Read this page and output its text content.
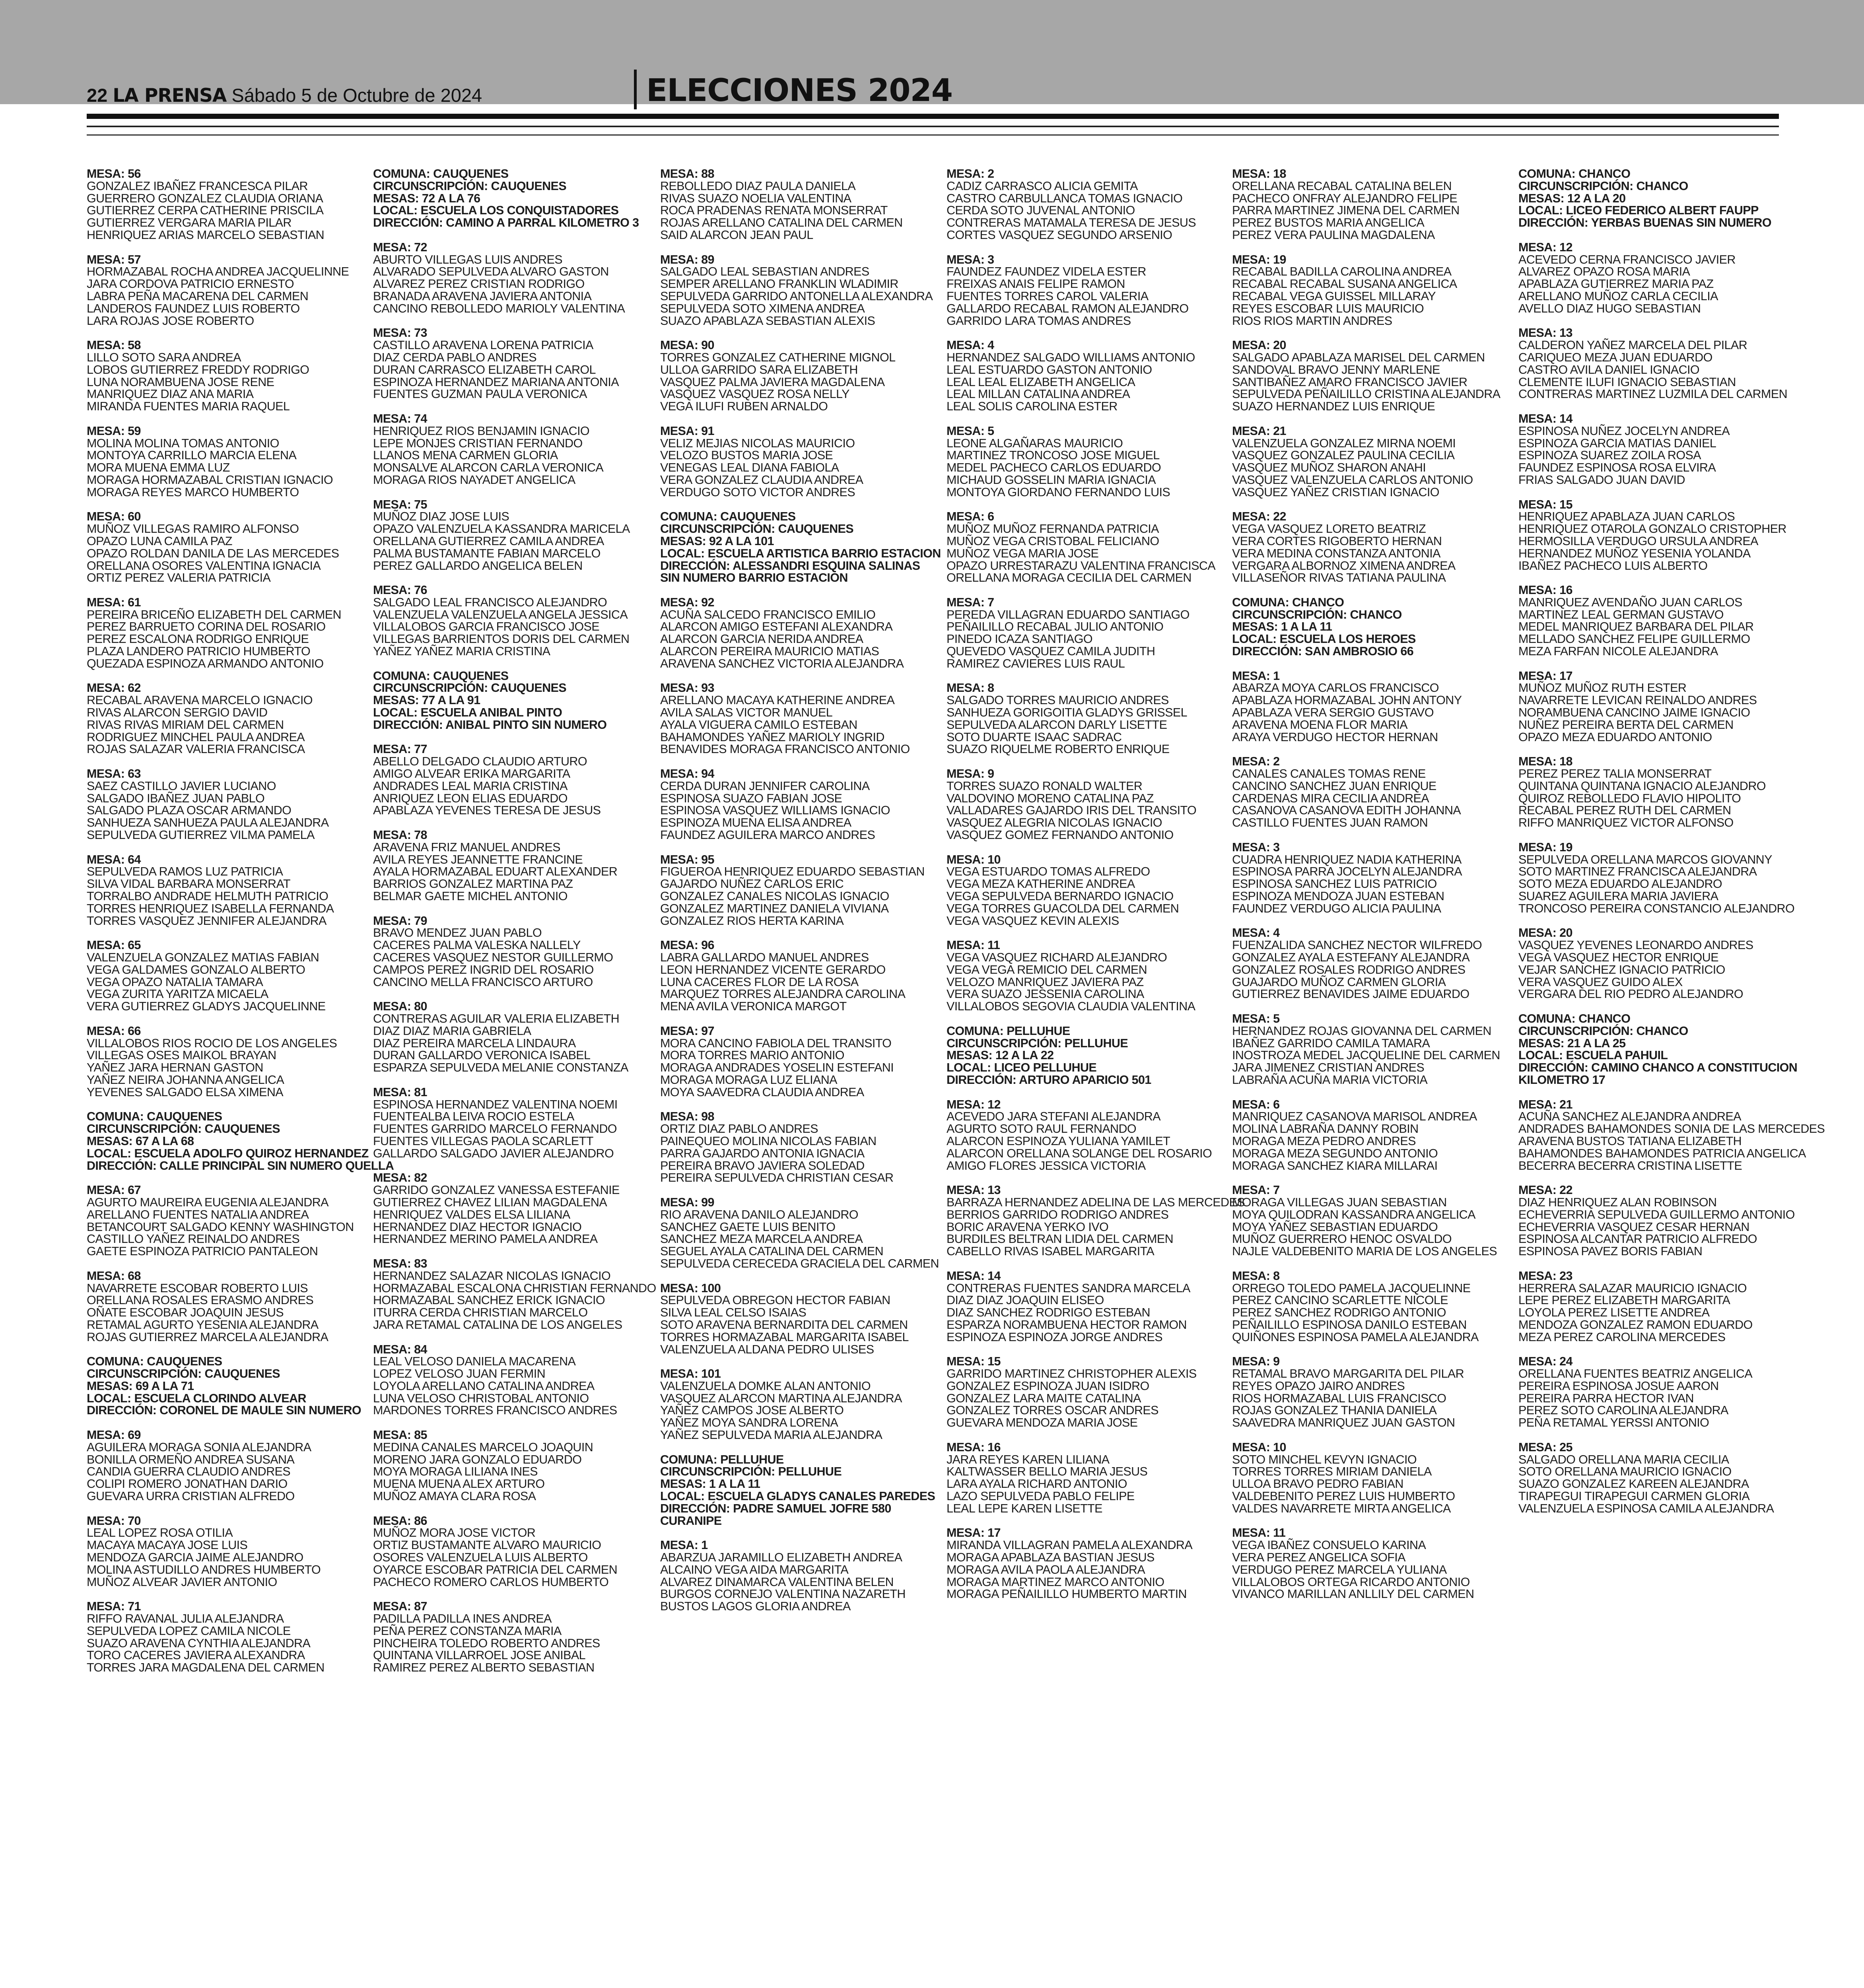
22 LA PRENSA Sábado 5 de Octubre de 2024	ELECCIONES 2024
MESA: 56
GONZALEZ IBAÑEZ FRANCESCA PILAR
GUERRERO GONZALEZ CLAUDIA ORIANA
GUTIERREZ CERPA CATHERINE PRISCILA
GUTIERREZ VERGARA MARIA PILAR
HENRIQUEZ ARIAS MARCELO SEBASTIAN
MESA: 57
HORMAZABAL ROCHA ANDREA JACQUELINNE
JARA CORDOVA PATRICIO ERNESTO
LABRA PEÑA MACARENA DEL CARMEN
LANDEROS FAUNDEZ LUIS ROBERTO
LARA ROJAS JOSE ROBERTO
MESA: 58
LILLO SOTO SARA ANDREA
LOBOS GUTIERREZ FREDDY RODRIGO
LUNA NORAMBUENA JOSE RENE
MANRIQUEZ DIAZ ANA MARIA
MIRANDA FUENTES MARIA RAQUEL
MESA: 59
MOLINA MOLINA TOMAS ANTONIO
MONTOYA CARRILLO MARCIA ELENA
MORA MUENA EMMA LUZ
MORAGA HORMAZABAL CRISTIAN IGNACIO
MORAGA REYES MARCO HUMBERTO
MESA: 60
MUÑOZ VILLEGAS RAMIRO ALFONSO
OPAZO LUNA CAMILA PAZ
OPAZO ROLDAN DANILA DE LAS MERCEDES
ORELLANA OSORES VALENTINA IGNACIA
ORTIZ PEREZ VALERIA PATRICIA
MESA: 61
PEREIRA BRICEÑO ELIZABETH DEL CARMEN
PEREZ BARRUETO CORINA DEL ROSARIO
PEREZ ESCALONA RODRIGO ENRIQUE
PLAZA LANDERO PATRICIO HUMBERTO
QUEZADA ESPINOZA ARMANDO ANTONIO
MESA: 62
RECABAL ARAVENA MARCELO IGNACIO
RIVAS ALARCON SERGIO DAVID
RIVAS RIVAS MIRIAM DEL CARMEN
RODRIGUEZ MINCHEL PAULA ANDREA
ROJAS SALAZAR VALERIA FRANCISCA
MESA: 63
SAEZ CASTILLO JAVIER LUCIANO
SALGADO IBAÑEZ JUAN PABLO
SALGADO PLAZA OSCAR ARMANDO
SANHUEZA SANHUEZA PAULA ALEJANDRA
SEPULVEDA GUTIERREZ VILMA PAMELA
MESA: 64
SEPULVEDA RAMOS LUZ PATRICIA
SILVA VIDAL BARBARA MONSERRAT
TORRALBO ANDRADE HELMUTH PATRICIO
TORRES HENRIQUEZ ISABELLA FERNANDA
TORRES VASQUEZ JENNIFER ALEJANDRA
MESA: 65
VALENZUELA GONZALEZ MATIAS FABIAN
VEGA GALDAMES GONZALO ALBERTO
VEGA OPAZO NATALIA TAMARA
VEGA ZURITA YARITZA MICAELA
VERA GUTIERREZ GLADYS JACQUELINNE
MESA: 66
VILLALOBOS RIOS ROCIO DE LOS ANGELES
VILLEGAS OSES MAIKOL BRAYAN
YAÑEZ JARA HERNAN GASTON
YAÑEZ NEIRA JOHANNA ANGELICA
YEVENES SALGADO ELSA XIMENA
COMUNA: CAUQUENES
CIRCUNSCRIPCIÓN: CAUQUENES
MESAS: 67 A LA 68
LOCAL: ESCUELA ADOLFO QUIROZ HERNANDEZ
DIRECCIÓN: CALLE PRINCIPAL SIN NUMERO QUELLA
MESA: 67
AGURTO MAUREIRA EUGENIA ALEJANDRA
ARELLANO FUENTES NATALIA ANDREA
BETANCOURT SALGADO KENNY WASHINGTON
CASTILLO YAÑEZ REINALDO ANDRES
GAETE ESPINOZA PATRICIO PANTALEON
MESA: 68
NAVARRETE ESCOBAR ROBERTO LUIS
ORELLANA ROSALES ERASMO ANDRES
OÑATE ESCOBAR JOAQUIN JESUS
RETAMAL AGURTO YESENIA ALEJANDRA
ROJAS GUTIERREZ MARCELA ALEJANDRA
COMUNA: CAUQUENES
CIRCUNSCRIPCIÓN: CAUQUENES
MESAS: 69 A LA 71
LOCAL: ESCUELA CLORINDO ALVEAR
DIRECCIÓN: CORONEL DE MAULE SIN NUMERO
MESA: 69
AGUILERA MORAGA SONIA ALEJANDRA
BONILLA ORMEÑO ANDREA SUSANA
CANDIA GUERRA CLAUDIO ANDRES
COLIPI ROMERO JONATHAN DARIO
GUEVARA URRA CRISTIAN ALFREDO
MESA: 70
LEAL LOPEZ ROSA OTILIA
MACAYA MACAYA JOSE LUIS
MENDOZA GARCIA JAIME ALEJANDRO
MOLINA ASTUDILLO ANDRES HUMBERTO
MUÑOZ ALVEAR JAVIER ANTONIO
MESA: 71
RIFFO RAVANAL JULIA ALEJANDRA
SEPULVEDA LOPEZ CAMILA NICOLE
SUAZO ARAVENA CYNTHIA ALEJANDRA
TORO CACERES JAVIERA ALEXANDRA
TORRES JARA MAGDALENA DEL CARMEN
COMUNA: CAUQUENES
CIRCUNSCRIPCIÓN: CAUQUENES
MESAS: 72 A LA 76
LOCAL: ESCUELA LOS CONQUISTADORES
DIRECCIÓN: CAMINO A PARRAL KILOMETRO 3
MESA: 72
ABURTO VILLEGAS LUIS ANDRES
ALVARADO SEPULVEDA ALVARO GASTON
ALVAREZ PEREZ CRISTIAN RODRIGO
BRANADA ARAVENA JAVIERA ANTONIA
CANCINO REBOLLEDO MARIOLY VALENTINA
MESA: 73
CASTILLO ARAVENA LORENA PATRICIA
DIAZ CERDA PABLO ANDRES
DURAN CARRASCO ELIZABETH CAROL
ESPINOZA HERNANDEZ MARIANA ANTONIA
FUENTES GUZMAN PAULA VERONICA
MESA: 74
HENRIQUEZ RIOS BENJAMIN IGNACIO
LEPE MONJES CRISTIAN FERNANDO
LLANOS MENA CARMEN GLORIA
MONSALVE ALARCON CARLA VERONICA
MORAGA RIOS NAYADET ANGELICA
MESA: 75
MUÑOZ DIAZ JOSE LUIS
OPAZO VALENZUELA KASSANDRA MARICELA
ORELLANA GUTIERREZ CAMILA ANDREA
PALMA BUSTAMANTE FABIAN MARCELO
PEREZ GALLARDO ANGELICA BELEN
MESA: 76
SALGADO LEAL FRANCISCO ALEJANDRO
VALENZUELA VALENZUELA ANGELA JESSICA
VILLALOBOS GARCIA FRANCISCO JOSE
VILLEGAS BARRIENTOS DORIS DEL CARMEN
YAÑEZ YAÑEZ MARIA CRISTINA
COMUNA: CAUQUENES
CIRCUNSCRIPCIÓN: CAUQUENES
MESAS: 77 A LA 91
LOCAL: ESCUELA ANIBAL PINTO
DIRECCIÓN: ANIBAL PINTO SIN NUMERO
MESA: 77
ABELLO DELGADO CLAUDIO ARTURO
AMIGO ALVEAR ERIKA MARGARITA
ANDRADES LEAL MARIA CRISTINA
ANRIQUEZ LEON ELIAS EDUARDO
APABLAZA YEVENES TERESA DE JESUS
MESA: 78
ARAVENA FRIZ MANUEL ANDRES
AVILA REYES JEANNETTE FRANCINE
AYALA HORMAZABAL EDUART ALEXANDER
BARRIOS GONZALEZ MARTINA PAZ
BELMAR GAETE MICHEL ANTONIO
MESA: 79
BRAVO MENDEZ JUAN PABLO
CACERES PALMA VALESKA NALLELY
CACERES VASQUEZ NESTOR GUILLERMO
CAMPOS PEREZ INGRID DEL ROSARIO
CANCINO MELLA FRANCISCO ARTURO
MESA: 80
CONTRERAS AGUILAR VALERIA ELIZABETH
DIAZ DIAZ MARIA GABRIELA
DIAZ PEREIRA MARCELA LINDAURA
DURAN GALLARDO VERONICA ISABEL
ESPARZA SEPULVEDA MELANIE CONSTANZA
MESA: 81
ESPINOSA HERNANDEZ VALENTINA NOEMI
FUENTEALBA LEIVA ROCIO ESTELA
FUENTES GARRIDO MARCELO FERNANDO
FUENTES VILLEGAS PAOLA SCARLETT
GALLARDO SALGADO JAVIER ALEJANDRO
MESA: 82
GARRIDO GONZALEZ VANESSA ESTEFANIE
GUTIERREZ CHAVEZ LILIAN MAGDALENA
HENRIQUEZ VALDES ELSA LILIANA
HERNANDEZ DIAZ HECTOR IGNACIO
HERNANDEZ MERINO PAMELA ANDREA
MESA: 83
HERNANDEZ SALAZAR NICOLAS IGNACIO
HORMAZABAL ESCALONA CHRISTIAN FERNANDO
HORMAZABAL SANCHEZ ERICK IGNACIO
ITURRA CERDA CHRISTIAN MARCELO
JARA RETAMAL CATALINA DE LOS ANGELES
MESA: 84
LEAL VELOSO DANIELA MACARENA
LOPEZ VELOSO JUAN FERMIN
LOYOLA ARELLANO CATALINA ANDREA
LUNA VELOSO CHRISTOBAL ANTONIO
MARDONES TORRES FRANCISCO ANDRES
MESA: 85
MEDINA CANALES MARCELO JOAQUIN
MORENO JARA GONZALO EDUARDO
MOYA MORAGA LILIANA INES
MUENA MUENA ALEX ARTURO
MUÑOZ AMAYA CLARA ROSA
MESA: 86
MUÑOZ MORA JOSE VICTOR
ORTIZ BUSTAMANTE ALVARO MAURICIO
OSORES VALENZUELA LUIS ALBERTO
OYARCE ESCOBAR PATRICIA DEL CARMEN
PACHECO ROMERO CARLOS HUMBERTO
MESA: 87
PADILLA PADILLA INES ANDREA
PEÑA PEREZ CONSTANZA MARIA
PINCHEIRA TOLEDO ROBERTO ANDRES
QUINTANA VILLARROEL JOSE ANIBAL
RAMIREZ PEREZ ALBERTO SEBASTIAN
MESA: 88
REBOLLEDO DIAZ PAULA DANIELA
RIVAS SUAZO NOELIA VALENTINA
ROCA PRADENAS RENATA MONSERRAT
ROJAS ARELLANO CATALINA DEL CARMEN
SAID ALARCON JEAN PAUL
MESA: 89
SALGADO LEAL SEBASTIAN ANDRES
SEMPER ARELLANO FRANKLIN WLADIMIR
SEPULVEDA GARRIDO ANTONELLA ALEXANDRA
SEPULVEDA SOTO XIMENA ANDREA
SUAZO APABLAZA SEBASTIAN ALEXIS
MESA: 90
TORRES GONZALEZ CATHERINE MIGNOL
ULLOA GARRIDO SARA ELIZABETH
VASQUEZ PALMA JAVIERA MAGDALENA
VASQUEZ VASQUEZ ROSA NELLY
VEGA ILUFI RUBEN ARNALDO
MESA: 91
VELIZ MEJIAS NICOLAS MAURICIO
VELOZO BUSTOS MARIA JOSE
VENEGAS LEAL DIANA FABIOLA
VERA GONZALEZ CLAUDIA ANDREA
VERDUGO SOTO VICTOR ANDRES
COMUNA: CAUQUENES
CIRCUNSCRIPCIÓN: CAUQUENES
MESAS: 92 A LA 101
LOCAL: ESCUELA ARTISTICA BARRIO ESTACION
DIRECCIÓN: ALESSANDRI ESQUINA SALINAS
SIN NUMERO BARRIO ESTACION
MESA: 92
ACUÑA SALCEDO FRANCISCO EMILIO
ALARCON AMIGO ESTEFANI ALEXANDRA
ALARCON GARCIA NERIDA ANDREA
ALARCON PEREIRA MAURICIO MATIAS
ARAVENA SANCHEZ VICTORIA ALEJANDRA
MESA: 93
ARELLANO MACAYA KATHERINE ANDREA
AVILA SALAS VICTOR MANUEL
AYALA VIGUERA CAMILO ESTEBAN
BAHAMONDES YAÑEZ MARIOLY INGRID
BENAVIDES MORAGA FRANCISCO ANTONIO
MESA: 94
CERDA DURAN JENNIFER CAROLINA
ESPINOSA SUAZO FABIAN JOSE
ESPINOSA VASQUEZ WILLIAMS IGNACIO
ESPINOZA MUENA ELISA ANDREA
FAUNDEZ AGUILERA MARCO ANDRES
MESA: 95
FIGUEROA HENRIQUEZ EDUARDO SEBASTIAN
GAJARDO NUÑEZ CARLOS ERIC
GONZALEZ CANALES NICOLAS IGNACIO
GONZALEZ MARTINEZ DANIELA VIVIANA
GONZALEZ RIOS HERTA KARINA
MESA: 96
LABRA GALLARDO MANUEL ANDRES
LEON HERNANDEZ VICENTE GERARDO
LUNA CACERES FLOR DE LA ROSA
MARQUEZ TORRES ALEJANDRA CAROLINA
MENA AVILA VERONICA MARGOT
MESA: 97
MORA CANCINO FABIOLA DEL TRANSITO
MORA TORRES MARIO ANTONIO
MORAGA ANDRADES YOSELIN ESTEFANI
MORAGA MORAGA LUZ ELIANA
MOYA SAAVEDRA CLAUDIA ANDREA
MESA: 98
ORTIZ DIAZ PABLO ANDRES
PAINEQUEO MOLINA NICOLAS FABIAN
PARRA GAJARDO ANTONIA IGNACIA
PEREIRA BRAVO JAVIERA SOLEDAD
PEREIRA SEPULVEDA CHRISTIAN CESAR
MESA: 99
RIO ARAVENA DANILO ALEJANDRO
SANCHEZ GAETE LUIS BENITO
SANCHEZ MEZA MARCELA ANDREA
SEGUEL AYALA CATALINA DEL CARMEN
SEPULVEDA CERECEDA GRACIELA DEL CARMEN
MESA: 100
SEPULVEDA OBREGON HECTOR FABIAN
SILVA LEAL CELSO ISAIAS
SOTO ARAVENA BERNARDITA DEL CARMEN
TORRES HORMAZABAL MARGARITA ISABEL
VALENZUELA ALDANA PEDRO ULISES
MESA: 101
VALENZUELA DOMKE ALAN ANTONIO
VASQUEZ ALARCON MARTINA ALEJANDRA
YAÑEZ CAMPOS JOSE ALBERTO
YAÑEZ MOYA SANDRA LORENA
YAÑEZ SEPULVEDA MARIA ALEJANDRA
COMUNA: PELLUHUE
CIRCUNSCRIPCIÓN: PELLUHUE
MESAS: 1 A LA 11
LOCAL: ESCUELA GLADYS CANALES PAREDES
DIRECCIÓN: PADRE SAMUEL JOFRE 580
CURANIPE
MESA: 1
ABARZUA JARAMILLO ELIZABETH ANDREA
ALCAINO VEGA AIDA MARGARITA
ALVAREZ DINAMARCA VALENTINA BELEN
BURGOS CORNEJO VALENTINA NAZARETH
BUSTOS LAGOS GLORIA ANDREA
MESA: 2
CADIZ CARRASCO ALICIA GEMITA
CASTRO CARBULLANCA TOMAS IGNACIO
CERDA SOTO JUVENAL ANTONIO
CONTRERAS MATAMALA TERESA DE JESUS
CORTES VASQUEZ SEGUNDO ARSENIO
MESA: 3
FAUNDEZ FAUNDEZ VIDELA ESTER
FREIXAS ANAIS FELIPE RAMON
FUENTES TORRES CAROL VALERIA
GALLARDO RECABAL RAMON ALEJANDRO
GARRIDO LARA TOMAS ANDRES
MESA: 4
HERNANDEZ SALGADO WILLIAMS ANTONIO
LEAL ESTUARDO GASTON ANTONIO
LEAL LEAL ELIZABETH ANGELICA
LEAL MILLAN CATALINA ANDREA
LEAL SOLIS CAROLINA ESTER
MESA: 5
LEONE ALGAÑARAS MAURICIO
MARTINEZ TRONCOSO JOSE MIGUEL
MEDEL PACHECO CARLOS EDUARDO
MICHAUD GOSSELIN MARIA IGNACIA
MONTOYA GIORDANO FERNANDO LUIS
MESA: 6
MUÑOZ MUÑOZ FERNANDA PATRICIA
MUÑOZ VEGA CRISTOBAL FELICIANO
MUÑOZ VEGA MARIA JOSE
OPAZO URRESTARAZU VALENTINA FRANCISCA
ORELLANA MORAGA CECILIA DEL CARMEN
MESA: 7
PEREDA VILLAGRAN EDUARDO SANTIAGO
PEÑAILILLO RECABAL JULIO ANTONIO
PINEDO ICAZA SANTIAGO
QUEVEDO VASQUEZ CAMILA JUDITH
RAMIREZ CAVIERES LUIS RAUL
MESA: 8
SALGADO TORRES MAURICIO ANDRES
SANHUEZA GORIGOITIA GLADYS GRISSEL
SEPULVEDA ALARCON DARLY LISETTE
SOTO DUARTE ISAAC SADRAC
SUAZO RIQUELME ROBERTO ENRIQUE
MESA: 9
TORRES SUAZO RONALD WALTER
VALDOVINO MORENO CATALINA PAZ
VALLADARES GAJARDO IRIS DEL TRANSITO
VASQUEZ ALEGRIA NICOLAS IGNACIO
VASQUEZ GOMEZ FERNANDO ANTONIO
MESA: 10
VEGA ESTUARDO TOMAS ALFREDO
VEGA MEZA KATHERINE ANDREA
VEGA SEPULVEDA BERNARDO IGNACIO
VEGA TORRES GUACOLDA DEL CARMEN
VEGA VASQUEZ KEVIN ALEXIS
MESA: 11
VEGA VASQUEZ RICHARD ALEJANDRO
VEGA VEGA REMICIO DEL CARMEN
VELOZO MANRIQUEZ JAVIERA PAZ
VERA SUAZO JESSENIA CAROLINA
VILLALOBOS SEGOVIA CLAUDIA VALENTINA
COMUNA: PELLUHUE
CIRCUNSCRIPCIÓN: PELLUHUE
MESAS: 12 A LA 22
LOCAL: LICEO PELLUHUE
DIRECCIÓN: ARTURO APARICIO 501
MESA: 12
ACEVEDO JARA STEFANI ALEJANDRA
AGURTO SOTO RAUL FERNANDO
ALARCON ESPINOZA YULIANA YAMILET
ALARCON ORELLANA SOLANGE DEL ROSARIO
AMIGO FLORES JESSICA VICTORIA
MESA: 13
BARRAZA HERNANDEZ ADELINA DE LAS MERCEDES
BERRIOS GARRIDO RODRIGO ANDRES
BORIC ARAVENA YERKO IVO
BURDILES BELTRAN LIDIA DEL CARMEN
CABELLO RIVAS ISABEL MARGARITA
MESA: 14
CONTRERAS FUENTES SANDRA MARCELA
DIAZ DIAZ JOAQUIN ELISEO
DIAZ SANCHEZ RODRIGO ESTEBAN
ESPARZA NORAMBUENA HECTOR RAMON
ESPINOZA ESPINOZA JORGE ANDRES
MESA: 15
GARRIDO MARTINEZ CHRISTOPHER ALEXIS
GONZALEZ ESPINOZA JUAN ISIDRO
GONZALEZ LARA MAITE CATALINA
GONZALEZ TORRES OSCAR ANDRES
GUEVARA MENDOZA MARIA JOSE
MESA: 16
JARA REYES KAREN LILIANA
KALTWASSER BELLO MARIA JESUS
LARA AYALA RICHARD ANTONIO
LAZO SEPULVEDA PABLO FELIPE
LEAL LEPE KAREN LISETTE
MESA: 17
MIRANDA VILLAGRAN PAMELA ALEXANDRA
MORAGA APABLAZA BASTIAN JESUS
MORAGA AVILA PAOLA ALEJANDRA
MORAGA MARTINEZ MARCO ANTONIO
MORAGA PEÑAILILLO HUMBERTO MARTIN
MESA: 18
ORELLANA RECABAL CATALINA BELEN
PACHECO ONFRAY ALEJANDRO FELIPE
PARRA MARTINEZ JIMENA DEL CARMEN
PEREZ BUSTOS MARIA ANGELICA
PEREZ VERA PAULINA MAGDALENA
MESA: 19
RECABAL BADILLA CAROLINA ANDREA
RECABAL RECABAL SUSANA ANGELICA
RECABAL VEGA GUISSEL MILLARAY
REYES ESCOBAR LUIS MAURICIO
RIOS RIOS MARTIN ANDRES
MESA: 20
SALGADO APABLAZA MARISEL DEL CARMEN
SANDOVAL BRAVO JENNY MARLENE
SANTIBAÑEZ AMARO FRANCISCO JAVIER
SEPULVEDA PEÑAILILLO CRISTINA ALEJANDRA
SUAZO HERNANDEZ LUIS ENRIQUE
MESA: 21
VALENZUELA GONZALEZ MIRNA NOEMI
VASQUEZ GONZALEZ PAULINA CECILIA
VASQUEZ MUÑOZ SHARON ANAHI
VASQUEZ VALENZUELA CARLOS ANTONIO
VASQUEZ YAÑEZ CRISTIAN IGNACIO
MESA: 22
VEGA VASQUEZ LORETO BEATRIZ
VERA CORTES RIGOBERTO HERNAN
VERA MEDINA CONSTANZA ANTONIA
VERGARA ALBORNOZ XIMENA ANDREA
VILLASEÑOR RIVAS TATIANA PAULINA
COMUNA: CHANCO
CIRCUNSCRIPCIÓN: CHANCO
MESAS: 1 A LA 11
LOCAL: ESCUELA LOS HEROES
DIRECCIÓN: SAN AMBROSIO 66
MESA: 1
ABARZA MOYA CARLOS FRANCISCO
APABLAZA HORMAZABAL JOHN ANTONY
APABLAZA VERA SERGIO GUSTAVO
ARAVENA MOENA FLOR MARIA
ARAYA VERDUGO HECTOR HERNAN
MESA: 2
CANALES CANALES TOMAS RENE
CANCINO SANCHEZ JUAN ENRIQUE
CARDENAS MIRA CECILIA ANDREA
CASANOVA CASANOVA EDITH JOHANNA
CASTILLO FUENTES JUAN RAMON
MESA: 3
CUADRA HENRIQUEZ NADIA KATHERINA
ESPINOSA PARRA JOCELYN ALEJANDRA
ESPINOSA SANCHEZ LUIS PATRICIO
ESPINOZA MENDOZA JUAN ESTEBAN
FAUNDEZ VERDUGO ALICIA PAULINA
MESA: 4
FUENZALIDA SANCHEZ NECTOR WILFREDO
GONZALEZ AYALA ESTEFANY ALEJANDRA
GONZALEZ ROSALES RODRIGO ANDRES
GUAJARDO MUÑOZ CARMEN GLORIA
GUTIERREZ BENAVIDES JAIME EDUARDO
MESA: 5
HERNANDEZ ROJAS GIOVANNA DEL CARMEN
IBAÑEZ GARRIDO CAMILA TAMARA
INOSTROZA MEDEL JACQUELINE DEL CARMEN
JARA JIMENEZ CRISTIAN ANDRES
LABRAÑA ACUÑA MARIA VICTORIA
MESA: 6
MANRIQUEZ CASANOVA MARISOL ANDREA
MOLINA LABRAÑA DANNY ROBIN
MORAGA MEZA PEDRO ANDRES
MORAGA MEZA SEGUNDO ANTONIO
MORAGA SANCHEZ KIARA MILLARAI
MESA: 7
MORAGA VILLEGAS JUAN SEBASTIAN
MOYA QUILODRAN KASSANDRA ANGELICA
MOYA YAÑEZ SEBASTIAN EDUARDO
MUÑOZ GUERRERO HENOC OSVALDO
NAJLE VALDEBENITO MARIA DE LOS ANGELES
MESA: 8
ORREGO TOLEDO PAMELA JACQUELINNE
PEREZ CANCINO SCARLETTE NICOLE
PEREZ SANCHEZ RODRIGO ANTONIO
PEÑAILILLO ESPINOSA DANILO ESTEBAN
QUIÑONES ESPINOSA PAMELA ALEJANDRA
MESA: 9
RETAMAL BRAVO MARGARITA DEL PILAR
REYES OPAZO JAIRO ANDRES
RIOS HORMAZABAL LUIS FRANCISCO
ROJAS GONZALEZ THANIA DANIELA
SAAVEDRA MANRIQUEZ JUAN GASTON
MESA: 10
SOTO MINCHEL KEVYN IGNACIO
TORRES TORRES MIRIAM DANIELA
ULLOA BRAVO PEDRO FABIAN
VALDEBENITO PEREZ LUIS HUMBERTO
VALDES NAVARRETE MIRTA ANGELICA
MESA: 11
VEGA IBAÑEZ CONSUELO KARINA
VERA PEREZ ANGELICA SOFIA
VERDUGO PEREZ MARCELA YULIANA
VILLALOBOS ORTEGA RICARDO ANTONIO
VIVANCO MARILLAN ANLLILY DEL CARMEN
COMUNA: CHANCO
CIRCUNSCRIPCIÓN: CHANCO
MESAS: 12 A LA 20
LOCAL: LICEO FEDERICO ALBERT FAUPP
DIRECCIÓN: YERBAS BUENAS SIN NUMERO
MESA: 12
ACEVEDO CERNA FRANCISCO JAVIER
ALVAREZ OPAZO ROSA MARIA
APABLAZA GUTIERREZ MARIA PAZ
ARELLANO MUÑOZ CARLA CECILIA
AVELLO DIAZ HUGO SEBASTIAN
MESA: 13
CALDERON YAÑEZ MARCELA DEL PILAR
CARIQUEO MEZA JUAN EDUARDO
CASTRO AVILA DANIEL IGNACIO
CLEMENTE ILUFI IGNACIO SEBASTIAN
CONTRERAS MARTINEZ LUZMILA DEL CARMEN
MESA: 14
ESPINOSA NUÑEZ JOCELYN ANDREA
ESPINOZA GARCIA MATIAS DANIEL
ESPINOZA SUAREZ ZOILA ROSA
FAUNDEZ ESPINOSA ROSA ELVIRA
FRIAS SALGADO JUAN DAVID
MESA: 15
HENRIQUEZ APABLAZA JUAN CARLOS
HENRIQUEZ OTAROLA GONZALO CRISTOPHER
HERMOSILLA VERDUGO URSULA ANDREA
HERNANDEZ MUÑOZ YESENIA YOLANDA
IBAÑEZ PACHECO LUIS ALBERTO
MESA: 16
MANRIQUEZ AVENDAÑO JUAN CARLOS
MARTINEZ LEAL GERMAN GUSTAVO
MEDEL MANRIQUEZ BARBARA DEL PILAR
MELLADO SANCHEZ FELIPE GUILLERMO
MEZA FARFAN NICOLE ALEJANDRA
MESA: 17
MUÑOZ MUÑOZ RUTH ESTER
NAVARRETE LEVICAN REINALDO ANDRES
NORAMBUENA CANCINO JAIME IGNACIO
NUÑEZ PEREIRA BERTA DEL CARMEN
OPAZO MEZA EDUARDO ANTONIO
MESA: 18
PEREZ PEREZ TALIA MONSERRAT
QUINTANA QUINTANA IGNACIO ALEJANDRO
QUIROZ REBOLLEDO FLAVIO HIPOLITO
RECABAL PEREZ RUTH DEL CARMEN
RIFFO MANRIQUEZ VICTOR ALFONSO
MESA: 19
SEPULVEDA ORELLANA MARCOS GIOVANNY
SOTO MARTINEZ FRANCISCA ALEJANDRA
SOTO MEZA EDUARDO ALEJANDRO
SUAREZ AGUILERA MARIA JAVIERA
TRONCOSO PEREIRA CONSTANCIO ALEJANDRO
MESA: 20
VASQUEZ YEVENES LEONARDO ANDRES
VEGA VASQUEZ HECTOR ENRIQUE
VEJAR SANCHEZ IGNACIO PATRICIO
VERA VASQUEZ GUIDO ALEX
VERGARA DEL RIO PEDRO ALEJANDRO
COMUNA: CHANCO
CIRCUNSCRIPCIÓN: CHANCO
MESAS: 21 A LA 25
LOCAL: ESCUELA PAHUIL
DIRECCIÓN: CAMINO CHANCO A CONSTITUCION
KILOMETRO 17
MESA: 21
ACUÑA SANCHEZ ALEJANDRA ANDREA
ANDRADES BAHAMONDES SONIA DE LAS MERCEDES
ARAVENA BUSTOS TATIANA ELIZABETH
BAHAMONDES BAHAMONDES PATRICIA ANGELICA
BECERRA BECERRA CRISTINA LISETTE
MESA: 22
DIAZ HENRIQUEZ ALAN ROBINSON
ECHEVERRIA SEPULVEDA GUILLERMO ANTONIO
ECHEVERRIA VASQUEZ CESAR HERNAN
ESPINOSA ALCANTAR PATRICIO ALFREDO
ESPINOSA PAVEZ BORIS FABIAN
MESA: 23
HERRERA SALAZAR MAURICIO IGNACIO
LEPE PEREZ ELIZABETH MARGARITA
LOYOLA PEREZ LISETTE ANDREA
MENDOZA GONZALEZ RAMON EDUARDO
MEZA PEREZ CAROLINA MERCEDES
MESA: 24
ORELLANA FUENTES BEATRIZ ANGELICA
PEREIRA ESPINOSA JOSUE AARON
PEREIRA PARRA HECTOR IVAN
PEREZ SOTO CAROLINA ALEJANDRA
PEÑA RETAMAL YERSSI ANTONIO
MESA: 25
SALGADO ORELLANA MARIA CECILIA
SOTO ORELLANA MAURICIO IGNACIO
SUAZO GONZALEZ KAREEN ALEJANDRA
TIRAPEGUI TIRAPEGUI CARMEN GLORIA
VALENZUELA ESPINOSA CAMILA ALEJANDRA
